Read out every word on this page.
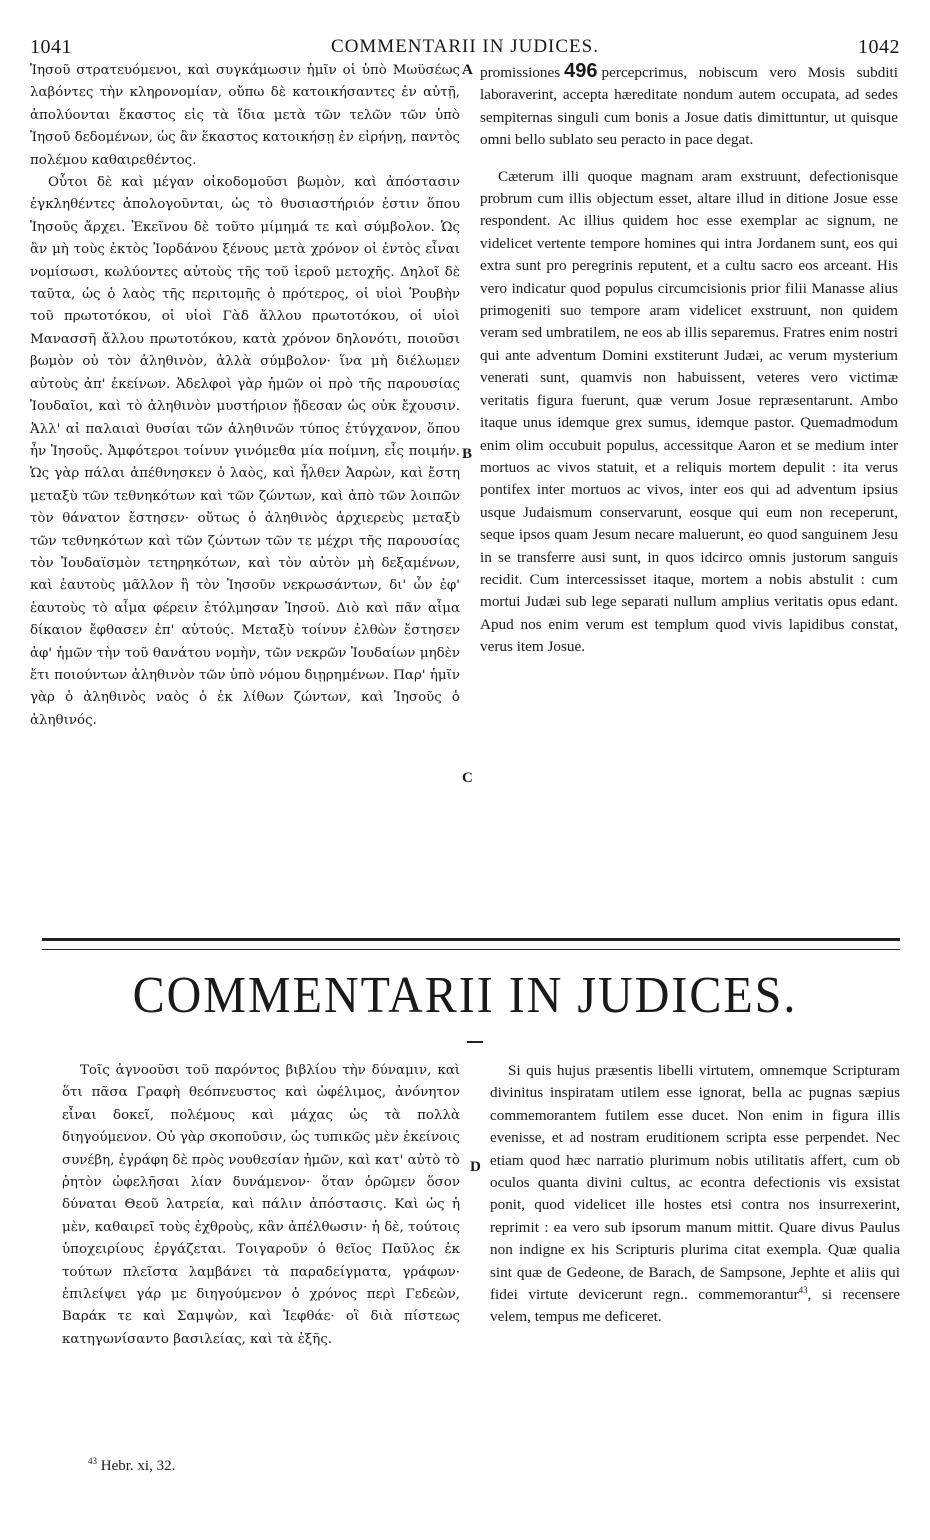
1041	COMMENTARII IN JUDICES.	1042

Ἰησοῦ στρατευόμενοι, καὶ συγκάμωσιν ἡμῖν οἱ ὑπὸ Μωϋσέως λαβόντες τὴν κληρονομίαν, οὔπω δὲ κατοικήσαντες ἐν αὐτῇ, ἀπολύονται ἕκαστος εἰς τὰ ἴδια μετὰ τῶν τελῶν τῶν ὑπὸ Ἰησοῦ δεδομένων, ὡς ἂν ἕκαστος κατοικήσῃ ἐν εἰρήνῃ, παντὸς πολέμου καθαιρεθέντος.

Οὗτοι δὲ καὶ μέγαν οἰκοδομοῦσι βωμὸν, καὶ ἀπόστασιν ἐγκληθέντες ἀπολογοῦνται, ὡς τὸ θυσιαστήριόν ἐστιν ὅπου Ἰησοῦς ἄρχει. Ἐκεῖνου δὲ τοῦτο μίμημά τε καὶ σύμβολον. Ὡς ἂν μὴ τοὺς ἐκτὸς Ἰορδάνου ξένους μετὰ χρόνον οἱ ἐντὸς εἶναι νομίσωσι, κωλύοντες αὐτοὺς τῆς τοῦ ἱεροῦ μετοχῆς. Δηλοῖ δὲ ταῦτα, ὡς ὁ λαὸς τῆς περιτομῆς ὁ πρότερος, οἱ υἱοὶ Ῥουβὴν τοῦ πρωτοτόκου, οἱ υἱοὶ Γὰδ ἄλλου πρωτοτόκου, οἱ υἱοὶ Μανασσῆ ἄλλου πρωτοτόκου, κατὰ χρόνον δηλονότι, ποιοῦσι βωμὸν οὐ τὸν ἀληθινὸν, ἀλλὰ σύμβολον· ἵνα μὴ διέλωμεν αὐτοὺς ἀπ' ἐκείνων. Ἀδελφοὶ γὰρ ἡμῶν οἱ πρὸ τῆς παρουσίας Ἰουδαῖοι, καὶ τὸ ἀληθινὸν μυστήριον ᾔδεσαν ὡς οὐκ ἔχουσιν. Ἀλλ' αἱ παλαιαὶ θυσίαι τῶν ἀληθινῶν τύπος ἐτύγχανον, ὅπου ἦν Ἰησοῦς. Ἀμφότεροι τοίνυν γινόμεθα μία ποίμνη, εἷς ποιμήν. Ὡς γὰρ πάλαι ἀπέθνησκεν ὁ λαὸς, καὶ ἦλθεν Ἀαρὼν, καὶ ἔστη μεταξὺ τῶν τεθνηκότων καὶ τῶν ζώντων, καὶ ἀπὸ τῶν λοιπῶν τὸν θάνατον ἔστησεν· οὕτως ὁ ἀληθινὸς ἀρχιερεὺς μεταξὺ τῶν τεθνηκότων καὶ τῶν ζώντων τῶν τε μέχρι τῆς παρουσίας τὸν Ἰουδαϊσμὸν τετηρηκότων, καὶ τὸν αὐτὸν μὴ δεξαμένων, καὶ ἑαυτοὺς μᾶλλον ἢ τὸν Ἰησοῦν νεκρωσάντων, δι' ὧν ἐφ' ἑαυτοὺς τὸ αἷμα φέρειν ἐτόλμησαν Ἰησοῦ. Διὸ καὶ πᾶν αἷμα δίκαιον ἔφθασεν ἐπ' αὐτούς. Μεταξὺ τοίνυν ἐλθὼν ἔστησεν ἀφ' ἡμῶν τὴν τοῦ θανάτου νομὴν, τῶν νεκρῶν Ἰουδαίων μηδὲν ἔτι ποιούντων ἀληθινὸν τῶν ὑπὸ νόμου διῃρημένων. Παρ' ἡμῖν γὰρ ὁ ἀληθινὸς ναὸς ὁ ἐκ λίθων ζώντων, καὶ Ἰησοῦς ὁ ἀληθινός.

promissiones 496 percepcrimus, nobiscum vero Mosis subditi laboraverint, accepta hæreditate nondum autem occupata, ad sedes sempiternas singuli cum bonis a Josue datis dimittuntur, ut quisque omni bello sublato seu peracto in pace degat.

Cæterum illi quoque magnam aram exstruunt, defectionisque probrum cum illis objectum esset, altare illud in ditione Josue esse respondent. Ac illius quidem hoc esse exemplar ac signum, ne videlicet vertente tempore homines qui intra Jordanem sunt, eos qui extra sunt pro peregrinis reputent, et a cultu sacro eos arceant. His vero indicatur quod populus circumcisionis prior filii Manasse alius primogeniti suo tempore aram videlicet exstruunt, non quidem veram sed umbratilem, ne eos ab illis separemus. Fratres enim nostri qui ante adventum Domini exstiterunt Judæi, ac verum mysterium venerati sunt, quamvis non habuissent, veteres vero victimæ veritatis figura fuerunt, quæ verum Josue repræsentarunt. Ambo itaque unus idemque grex sumus, idemque pastor. Quemadmodum enim olim occubuit populus, accessitque Aaron et se medium inter mortuos ac vivos statuit, et a reliquis mortem depulit : ita verus pontifex inter mortuos ac vivos, inter eos qui ad adventum ipsius usque Judaismum conservarunt, eosque qui eum non receperunt, seque ipsos quam Jesum necare maluerunt, eo quod sanguinem Jesu in se transferre ausi sunt, in quos idcirco omnis justorum sanguis recidit. Cum intercessisset itaque, mortem a nobis abstulit : cum mortui Judæi sub lege separati nullum amplius veritatis opus edant. Apud nos enim verum est templum quod vivis lapidibus constat, verus item Josue.

A
B
C
D
COMMENTARII IN JUDICES.

Τοῖς ἀγνοοῦσι τοῦ παρόντος βιβλίου τὴν δύναμιν, καὶ ὅτι πᾶσα Γραφὴ θεόπνευστος καὶ ὠφέλιμος, ἀνόνητον εἶναι δοκεῖ, πολέμους καὶ μάχας ὡς τὰ πολλὰ διηγούμενον. Οὐ γὰρ σκοποῦσιν, ὡς τυπικῶς μὲν ἐκείνοις συνέβη, ἐγράφη δὲ πρὸς νουθεσίαν ἡμῶν, καὶ κατ' αὐτὸ τὸ ῥητὸν ὠφελῆσαι λίαν δυνάμενον· ὅταν ὁρῶμεν ὅσον δύναται Θεοῦ λατρεία, καὶ πάλιν ἀπόστασις. Καὶ ὡς ἡ μὲν, καθαιρεῖ τοὺς ἐχθροὺς, κἂν ἀπέλθωσιν· ἡ δὲ, τούτοις ὑποχειρίους ἐργάζεται. Τοιγαροῦν ὁ θεῖος Παῦλος ἐκ τούτων πλεῖστα λαμβάνει τὰ παραδείγματα, γράφων· ἐπιλείψει γάρ με διηγούμενον ὁ χρόνος περὶ Γεδεὼν, Βαράκ τε καὶ Σαμψὼν, καὶ Ἰεφθάε· οἳ διὰ πίστεως κατηγωνίσαντο βασιλείας, καὶ τὰ ἑξῆς.

Si quis hujus præsentis libelli virtutem, omnemque Scripturam divinitus inspiratam utilem esse ignorat, bella ac pugnas sæpius commemorantem futilem esse ducet. Non enim in figura illis evenisse, et ad nostram eruditionem scripta esse perpendet. Nec etiam quod hæc narratio plurimum nobis utilitatis affert, cum ob oculos quanta divini cultus, ac econtra defectionis vis exsistat ponit, quod videlicet ille hostes etsi contra nos insurrexerint, reprimit : ea vero sub ipsorum manum mittit. Quare divus Paulus non indigne ex his Scripturis plurima citat exempla. Quæ qualia sint quæ de Gedeone, de Barach, de Sampsone, Jephte et aliis qui fidei virtute devicerunt regn.. commemorantur$^{43}$, si recensere velem, tempus me deficeret.

$^{43}$ Hebr. xi, 32.
